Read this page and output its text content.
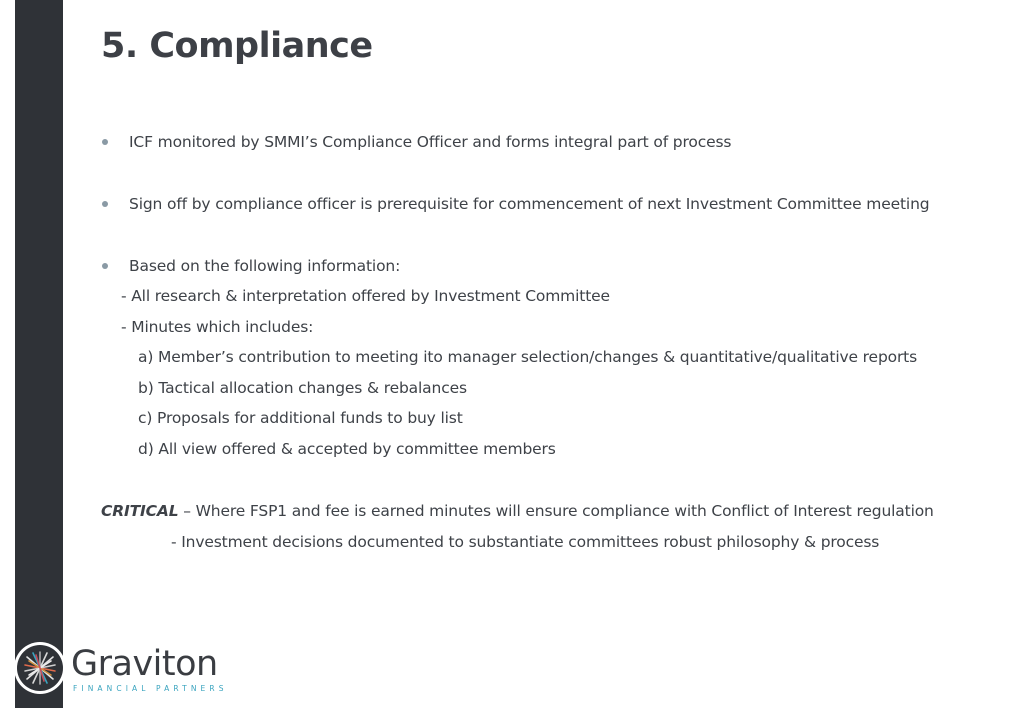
5. Compliance
ICF monitored by SMMI’s Compliance Officer and forms integral part of process
Sign off by compliance officer is prerequisite for commencement of next Investment Committee meeting
Based on the following information:
- All research & interpretation offered by Investment Committee
- Minutes which includes:
a) Member’s contribution to meeting ito manager selection/changes & quantitative/qualitative reports
b) Tactical allocation changes & rebalances
c) Proposals for additional funds to buy list
d) All view offered & accepted by committee members
CRITICAL – Where FSP1 and fee is earned minutes will ensure compliance with Conflict of Interest regulation
- Investment decisions documented to substantiate committees robust philosophy & process
Graviton
FINANCIAL PARTNERS
